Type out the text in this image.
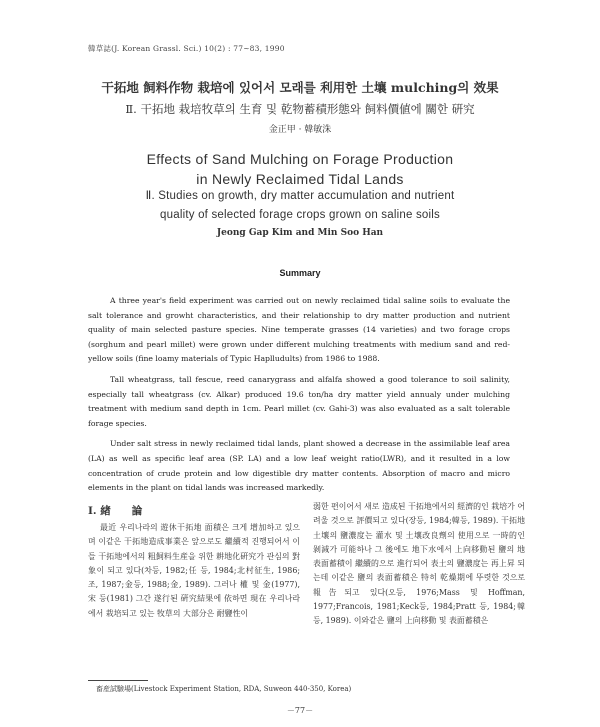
韓草誌(J. Korean Grassl. Sci.) 10(2) : 77~83, 1990
干拓地 飼料作物 栽培에 있어서 모래를 利用한 土壤 mulching의 效果
Ⅱ. 干拓地 栽培牧草의 生育 및 乾物蓄積形態와 飼料價値에 關한 硏究
金正甲 · 韓敏洙
Effects of Sand Mulching on Forage Production
in Newly Reclaimed Tidal Lands
Ⅱ. Studies on growth, dry matter accumulation and nutrient
quality of selected forage crops grown on saline soils
Jeong Gap Kim and Min Soo Han
Summary

A three year's field experiment was carried out on newly reclaimed tidal saline soils to evaluate the salt tolerance and growht characteristics, and their relationship to dry matter production and nutrient quality of main selected pasture species. Nine temperate grasses (14 varieties) and two forage crops (sorghum and pearl millet) were grown under different mulching treatments with medium sand and red-yellow soils (fine loamy materials of Typic Haplludults) from 1986 to 1988.

Tall wheatgrass, tall fescue, reed canarygrass and alfalfa showed a good tolerance to soil salinity, especially tall wheatgrass (cv. Alkar) produced 19.6 ton/ha dry matter yield annualy under mulching treatment with medium sand depth in 1cm. Pearl millet (cv. Gahi-3) was also evaluated as a salt tolerable forage species.

Under salt stress in newly reclaimed tidal lands, plant showed a decrease in the assimilable leaf area (LA) as well as specific leaf area (SP. LA) and a low leaf weight ratio(LWR), and it resulted in a low concentration of crude protein and low digestible dry matter contents. Absorption of macro and micro elements in the plant on tidal lands was increased markedly.

Ⅰ. 緖　　論

最近 우리나라의 遊休干拓地 面積은 크게 增加하고 있으며 이같은 干拓地造成事業은 앞으로도 繼續적 진행되어서 이들 干拓地에서의 粗飼料生産을 위한 耕地化硏究가 관심의 對象이 되고 있다(차등, 1982;任 등, 1984;北村征生, 1986;조, 1987;金등, 1988;金, 1989). 그러나 權 및 金(1977), 宋 등(1981) 그간 遂行된 硏究結果에 依하면 現在 우리나라에서 栽培되고 있는 牧草의 大部分은 耐鹽性이

弱한 편이어서 새로 造成된 干拓地에서의 經濟的인 栽培가 어려울 것으로 評價되고 있다(장등, 1984;韓등, 1989). 干拓地 土壤의 鹽濃度는 灌水 및 土壤改良劑의 使用으로 一時的인 剝減가 可能하나 그 後에도 地下水에서 上向移動된 鹽의 地表面蓄積이 繼續的으로 進行되어 表土의 鹽濃度는 再上昇 되는데 이같은 鹽의 表面蓄積은 特히 乾燥期에 뚜렷한 것으로 報告되고 있다(오등, 1976;Mass 및 Hoffman, 1977;Francois, 1981;Keck등, 1984;Pratt 등, 1984;韓등, 1989). 이와같은 鹽의 上向移動 및 表面蓄積은

畜産試驗場(Livestock Experiment Station, RDA, Suweon 440-350, Korea)
－77－
